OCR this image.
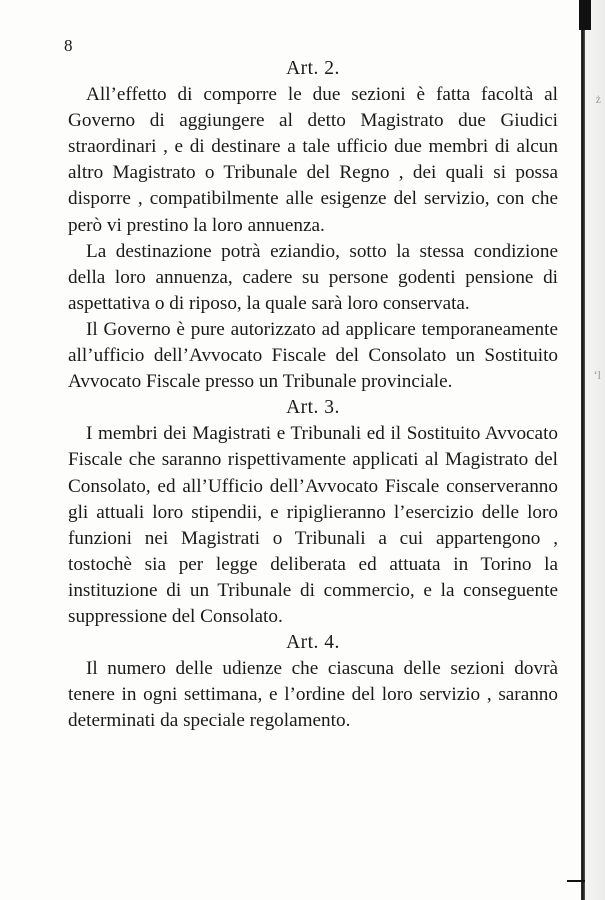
ż
‘l
8

Art. 2.

All’effetto di comporre le due sezioni è fatta facoltà al Governo di aggiungere al detto Magistrato due Giudici straordinari , e di destinare a tale ufficio due membri di alcun altro Magistrato o Tribunale del Regno , dei quali si possa disporre , compatibilmente alle esigenze del servizio, con che però vi prestino la loro annuenza.

La destinazione potrà eziandio, sotto la stessa condizione della loro annuenza, cadere su persone godenti pensione di aspettativa o di riposo, la quale sarà loro conservata.

Il Governo è pure autorizzato ad applicare temporaneamente all’ufficio dell’Avvocato Fiscale del Consolato un Sostituito Avvocato Fiscale presso un Tribunale provinciale.

Art. 3.

I membri dei Magistrati e Tribunali ed il Sostituito Avvocato Fiscale che saranno rispettivamente applicati al Magistrato del Consolato, ed all’Ufficio dell’Avvocato Fiscale conserveranno gli attuali loro stipendii, e ripiglieranno l’esercizio delle loro funzioni nei Magistrati o Tribunali a cui appartengono , tostochè sia per legge deliberata ed attuata in Torino la instituzione di un Tribunale di commercio, e la conseguente suppressione del Consolato.

Art. 4.

Il numero delle udienze che ciascuna delle sezioni dovrà tenere in ogni settimana, e l’ordine del loro servizio , saranno determinati da speciale regolamento.
